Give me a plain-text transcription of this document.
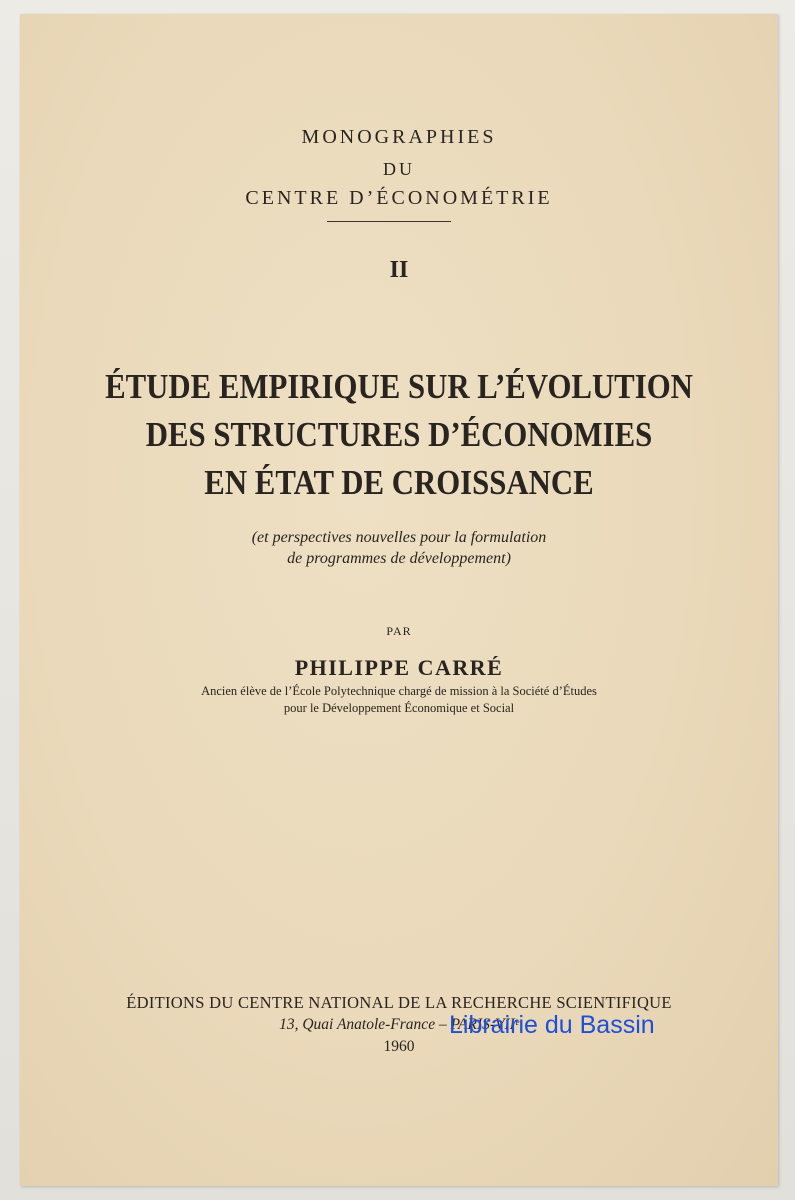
MONOGRAPHIES
DU
CENTRE D’ÉCONOMÉTRIE
II
ÉTUDE EMPIRIQUE SUR L’ÉVOLUTION
DES STRUCTURES D’ÉCONOMIES
EN ÉTAT DE CROISSANCE
(et perspectives nouvelles pour la formulation
de programmes de développement)
PAR
PHILIPPE CARRÉ
Ancien élève de l’École Polytechnique chargé de mission à la Société d’Études
pour le Développement Économique et Social
ÉDITIONS DU CENTRE NATIONAL DE LA RECHERCHE SCIENTIFIQUE
13, Quai Anatole-France – PARIS-VIIᵉ
1960
Librairie du Bassin
